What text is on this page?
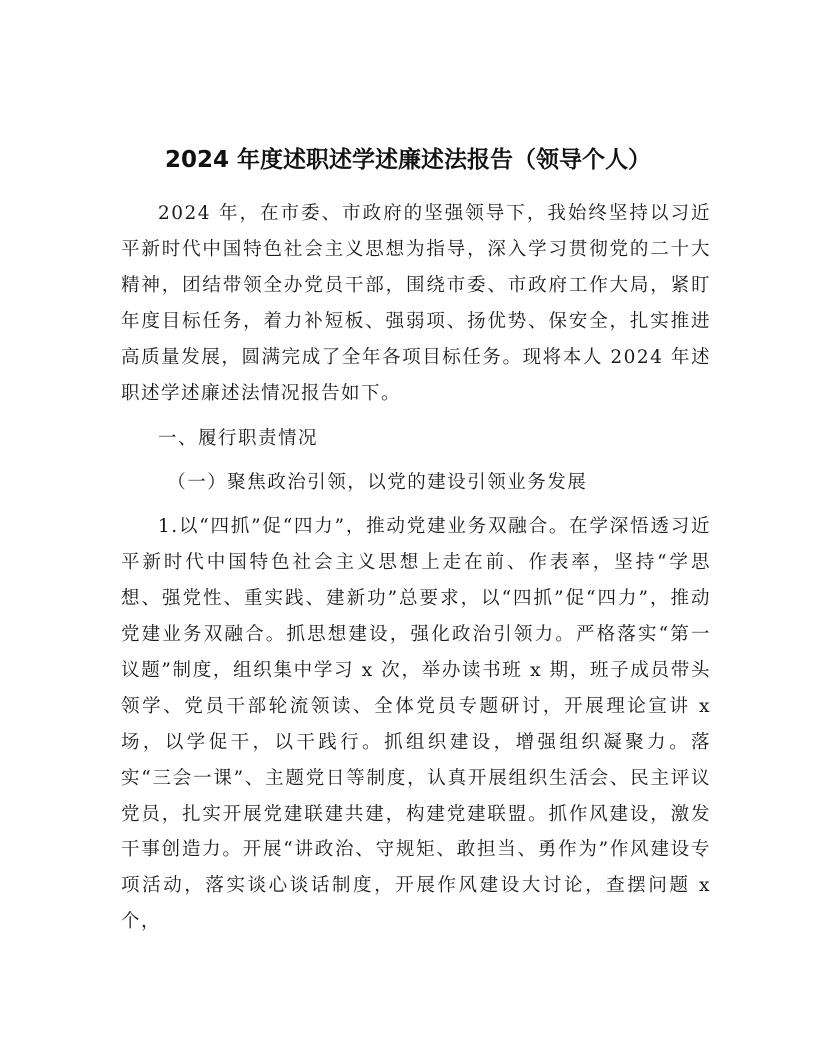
2024 年度述职述学述廉述法报告（领导个人）

2024 年，在市委、市政府的坚强领导下，我始终坚持以习近平新时代中国特色社会主义思想为指导，深入学习贯彻党的二十大精神，团结带领全办党员干部，围绕市委、市政府工作大局，紧盯年度目标任务，着力补短板、强弱项、扬优势、保安全，扎实推进高质量发展，圆满完成了全年各项目标任务。现将本人 2024 年述职述学述廉述法情况报告如下。

一、履行职责情况

（一）聚焦政治引领，以党的建设引领业务发展

1.以“四抓”促“四力”，推动党建业务双融合。在学深悟透习近平新时代中国特色社会主义思想上走在前、作表率，坚持“学思想、强党性、重实践、建新功”总要求，以“四抓”促“四力”，推动党建业务双融合。抓思想建设，强化政治引领力。严格落实“第一议题”制度，组织集中学习 x 次，举办读书班 x 期，班子成员带头领学、党员干部轮流领读、全体党员专题研讨，开展理论宣讲 x 场，以学促干，以干践行。抓组织建设，增强组织凝聚力。落实“三会一课”、主题党日等制度，认真开展组织生活会、民主评议党员，扎实开展党建联建共建，构建党建联盟。抓作风建设，激发干事创造力。开展“讲政治、守规矩、敢担当、勇作为”作风建设专项活动，落实谈心谈话制度，开展作风建设大讨论，查摆问题 x 个，
